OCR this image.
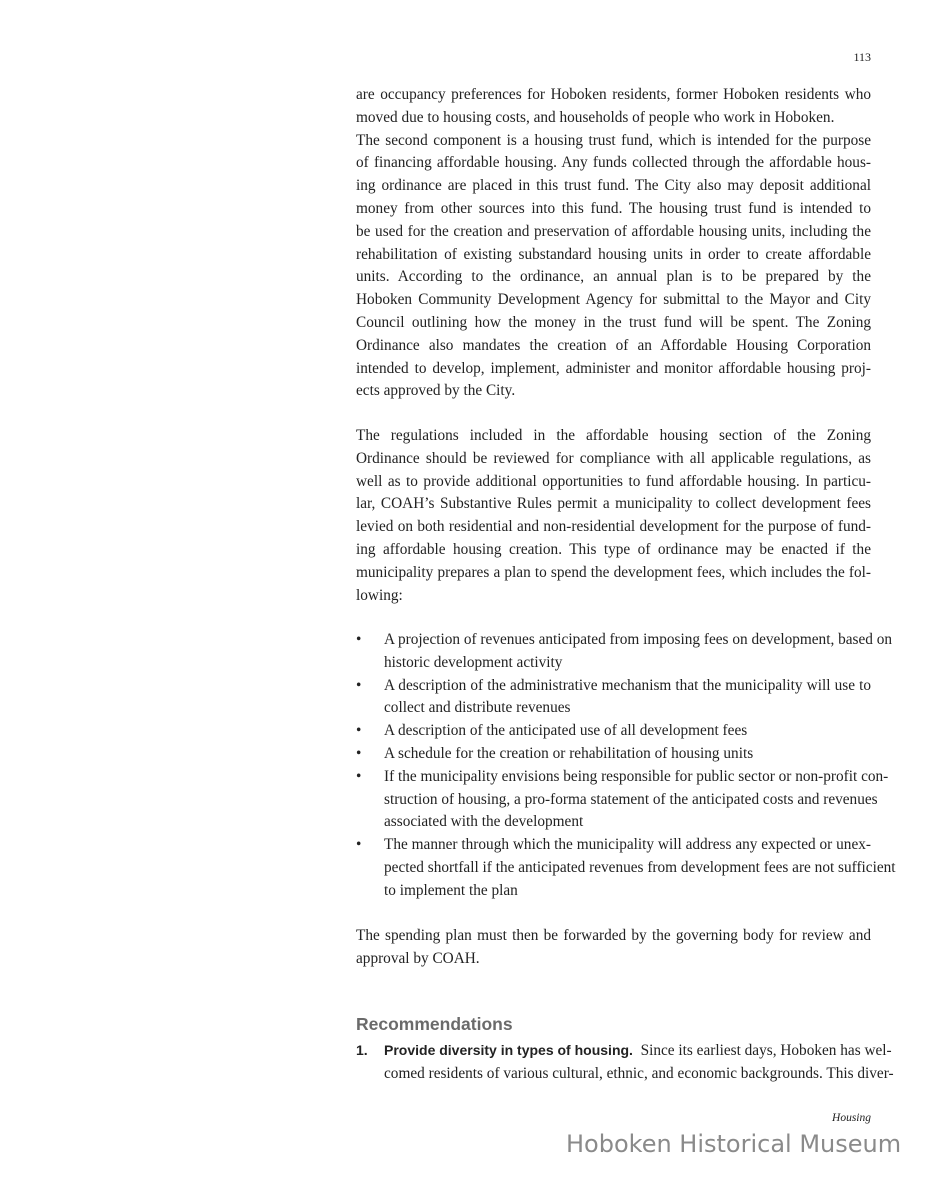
113
are occupancy preferences for Hoboken residents, former Hoboken residents who
moved due to housing costs, and households of people who work in Hoboken.
The second component is a housing trust fund, which is intended for the purpose
of financing affordable housing. Any funds collected through the affordable hous-
ing ordinance are placed in this trust fund. The City also may deposit additional
money from other sources into this fund. The housing trust fund is intended to
be used for the creation and preservation of affordable housing units, including the
rehabilitation of existing substandard housing units in order to create affordable
units. According to the ordinance, an annual plan is to be prepared by the
Hoboken Community Development Agency for submittal to the Mayor and City
Council outlining how the money in the trust fund will be spent. The Zoning
Ordinance also mandates the creation of an Affordable Housing Corporation
intended to develop, implement, administer and monitor affordable housing proj-
ects approved by the City.
The regulations included in the affordable housing section of the Zoning
Ordinance should be reviewed for compliance with all applicable regulations, as
well as to provide additional opportunities to fund affordable housing. In particu-
lar, COAH’s Substantive Rules permit a municipality to collect development fees
levied on both residential and non-residential development for the purpose of fund-
ing affordable housing creation. This type of ordinance may be enacted if the
municipality prepares a plan to spend the development fees, which includes the fol-
lowing:
• A projection of revenues anticipated from imposing fees on development, based on
historic development activity
• A description of the administrative mechanism that the municipality will use to
collect and distribute revenues
• A description of the anticipated use of all development fees
• A schedule for the creation or rehabilitation of housing units
• If the municipality envisions being responsible for public sector or non-profit con-
struction of housing, a pro-forma statement of the anticipated costs and revenues
associated with the development
• The manner through which the municipality will address any expected or unex-
pected shortfall if the anticipated revenues from development fees are not sufficient
to implement the plan
The spending plan must then be forwarded by the governing body for review and
approval by COAH.
Recommendations
1. Provide diversity in types of housing.  Since its earliest days, Hoboken has wel-
comed residents of various cultural, ethnic, and economic backgrounds. This diver-
Housing
Hoboken Historical Museum
